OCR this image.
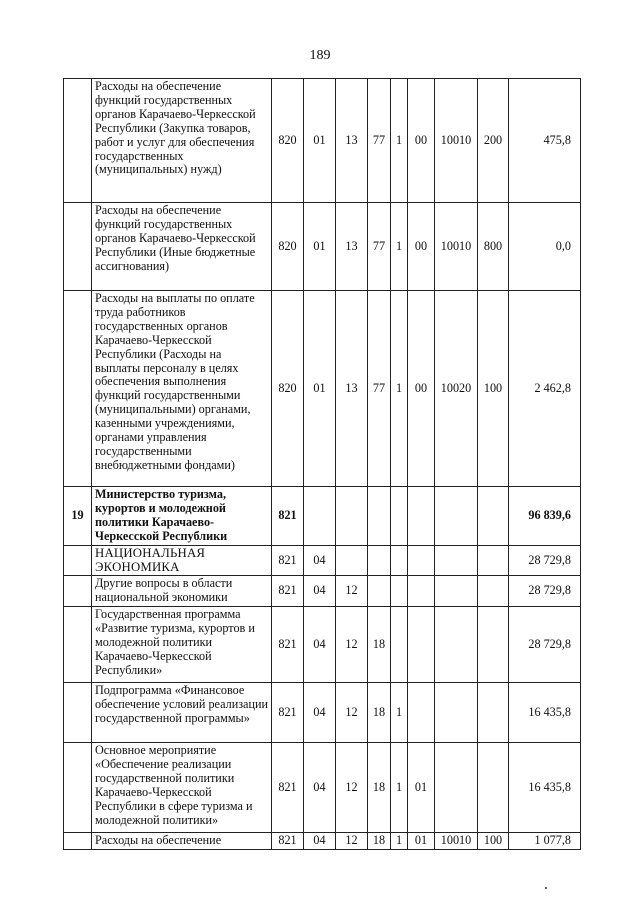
189
	Расходы на обеспечение функций государственных органов Карачаево-Черкесской Республики (Закупка товаров, работ и услуг для обеспечения государственных (муниципальных) нужд)	820	01	13	77	1	00	10010	200	475,8
	Расходы на обеспечение функций государственных органов Карачаево-Черкесской Республики (Иные бюджетные ассигнования)	820	01	13	77	1	00	10010	800	0,0
	Расходы на выплаты по оплате труда работников государственных органов Карачаево-Черкесской Республики (Расходы на выплаты персоналу в целях обеспечения выполнения функций государственными (муниципальными) органами, казенными учреждениями, органами управления государственными внебюджетными фондами)	820	01	13	77	1	00	10020	100	2 462,8
19	Министерство туризма, курортов и молодежной политики Карачаево-Черкесской Республики	821								96 839,6
	НАЦИОНАЛЬНАЯ ЭКОНОМИКА	821	04							28 729,8
	Другие вопросы в области национальной экономики	821	04	12						28 729,8
	Государственная программа «Развитие туризма, курортов и молодежной политики Карачаево-Черкесской Республики»	821	04	12	18					28 729,8
	Подпрограмма «Финансовое обеспечение условий реализации государственной программы»	821	04	12	18	1				16 435,8
	Основное мероприятие «Обеспечение реализации государственной политики Карачаево-Черкесской Республики в сфере туризма и молодежной политики»	821	04	12	18	1	01			16 435,8
	Расходы на обеспечение	821	04	12	18	1	01	10010	100	1 077,8
